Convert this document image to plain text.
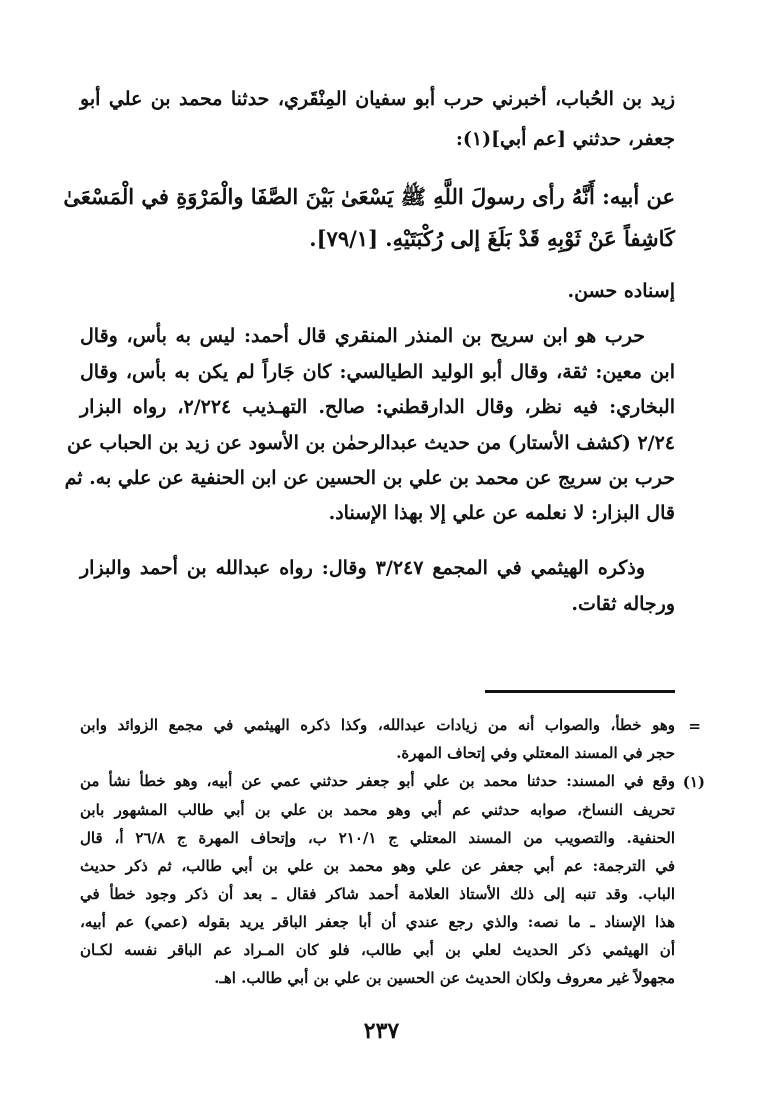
زيد بن الحُباب، أخبرني حرب أبو سفيان المِنْقَري، حدثنا محمد بن علي أبو
جعفر، حدثني [عم أبي](١):
عن أبيه: أَنَّهُ رأى رسولَ اللَّهِ ﷺ يَسْعَىٰ بَيْنَ الصَّفَا والْمَرْوَةِ في الْمَسْعَىٰ
كَاشِفاً عَنْ ثَوْبِهِ قَدْ بَلَغَ إلى رُكْبَتَيْهِ. [٧٩/١].
إسناده حسن.
حرب هو ابن سريح بن المنذر المنقري قال أحمد: ليس به بأس، وقال
ابن معين: ثقة، وقال أبو الوليد الطيالسي: كان جَاراً لم يكن به بأس، وقال
البخاري: فيه نظر، وقال الدارقطني: صالح. التهـذيب ٢/٢٢٤، رواه البزار
٢/٢٤ (كشف الأستار) من حديث عبدالرحمٰن بن الأسود عن زيد بن الحباب عن
حرب بن سريج عن محمد بن علي بن الحسين عن ابن الحنفية عن علي به. ثم
قال البزار: لا نعلمه عن علي إلا بهذا الإسناد.
وذكره الهيثمي في المجمع ٣/٢٤٧ وقال: رواه عبدالله بن أحمد والبزار
ورجاله ثقات.
=
وهو خطأ، والصواب أنه من زيادات عبدالله، وكذا ذكره الهيثمي في مجمع الزوائد وابن
حجر في المسند المعتلي وفي إتحاف المهرة.
(١)
وقع في المسند: حدثنا محمد بن علي أبو جعفر حدثني عمي عن أبيه، وهو خطأ نشأ من
تحريف النساخ، صوابه حدثني عم أبي وهو محمد بن علي بن أبي طالب المشهور بابن
الحنفية. والتصويب من المسند المعتلي ج ٢١٠/١ ب، وإتحاف المهرة ج ٢٦/٨ أ، قال
في الترجمة: عم أبي جعفر عن علي وهو محمد بن علي بن أبي طالب، ثم ذكر حديث
الباب. وقد تنبه إلى ذلك الأستاذ العلامة أحمد شاكر فقال ـ بعد أن ذكر وجود خطأ في
هذا الإسناد ـ ما نصه: والذي رجع عندي أن أبا جعفر الباقر يريد بقوله (عمي) عم أبيه،
أن الهيثمي ذكر الحديث لعلي بن أبي طالب، فلو كان المـراد عم الباقر نفسه لكـان
مجهولاً غير معروف ولكان الحديث عن الحسين بن علي بن أبي طالب. اهـ.
٢٣٧
